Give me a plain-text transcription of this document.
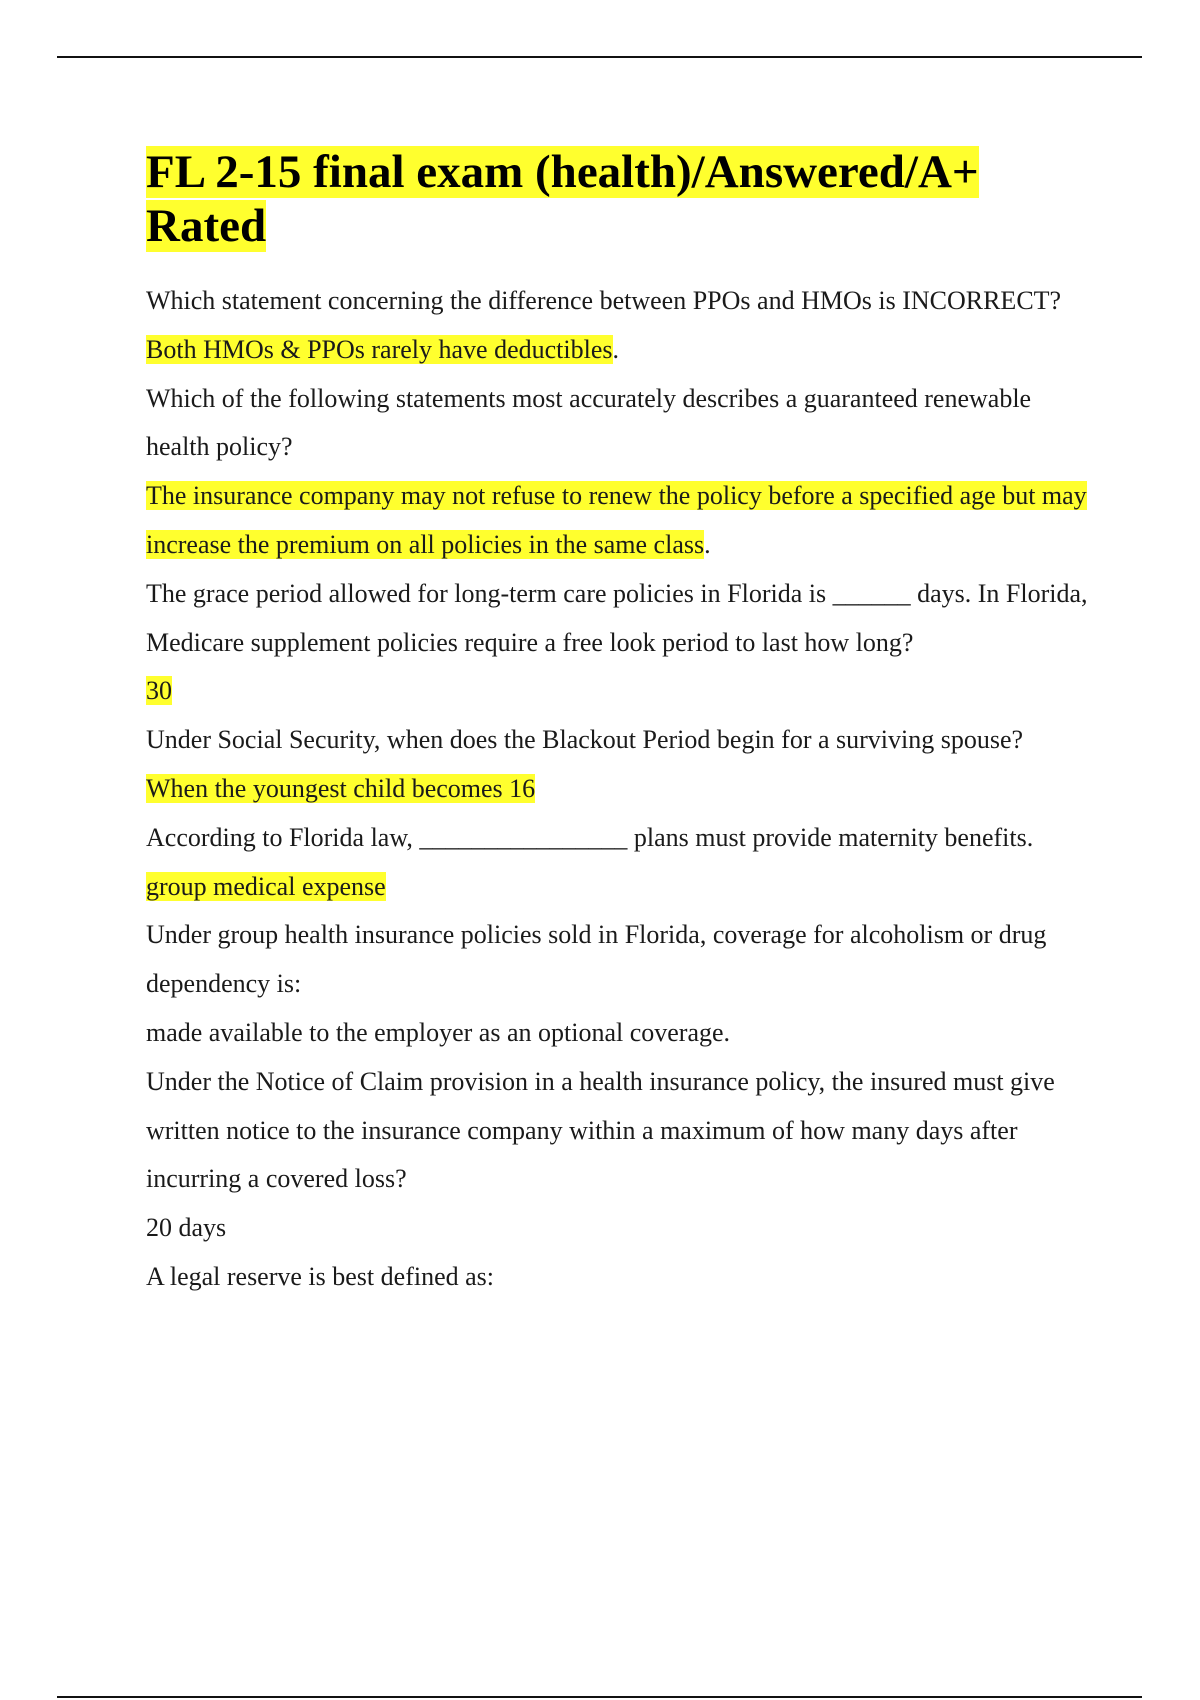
FL 2-15 final exam (health)/Answered/A+ Rated

Which statement concerning the difference between PPOs and HMOs is INCORRECT?

Both HMOs & PPOs rarely have deductibles.

Which of the following statements most accurately describes a guaranteed renewable health policy?

The insurance company may not refuse to renew the policy before a specified age but may increase the premium on all policies in the same class.

The grace period allowed for long-term care policies in Florida is ______ days. In Florida, Medicare supplement policies require a free look period to last how long?

30

Under Social Security, when does the Blackout Period begin for a surviving spouse?

When the youngest child becomes 16

According to Florida law, ________________ plans must provide maternity benefits.

group medical expense

Under group health insurance policies sold in Florida, coverage for alcoholism or drug dependency is:

made available to the employer as an optional coverage.

Under the Notice of Claim provision in a health insurance policy, the insured must give written notice to the insurance company within a maximum of how many days after incurring a covered loss?

20 days

A legal reserve is best defined as:
